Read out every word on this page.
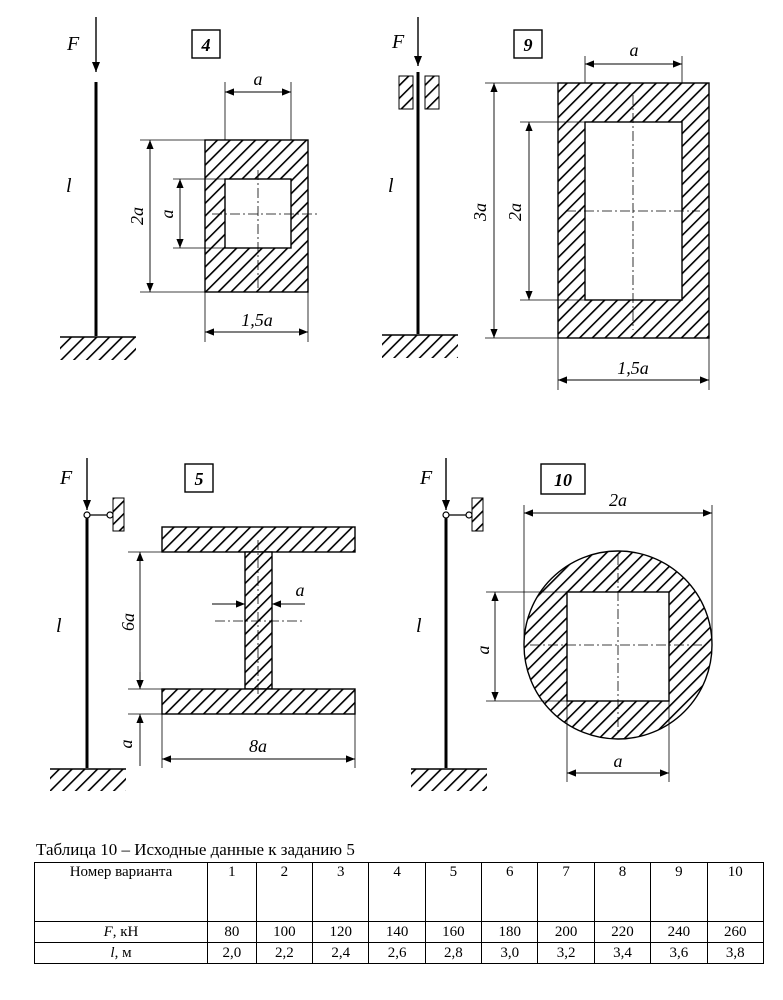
F
l
4
a
2a a
1,5a
F
l
9	a
3a 2a
1,5a
F
l
5
6a
a
a	8a
F
l
10
2a
a
a
Таблица 10 – Исходные данные к заданию 5
Номер варианта	1	2	3	4	5	6	7	8	9	10
F, кН	80	100	120	140	160	180	200	220	240	260
l, м	2,0	2,2	2,4	2,6	2,8	3,0	3,2	3,4	3,6	3,8
